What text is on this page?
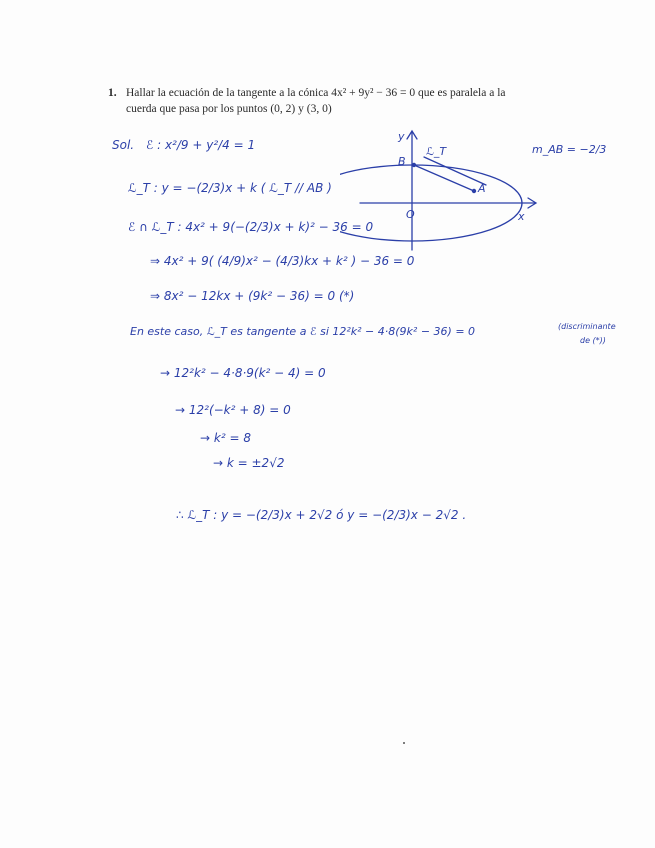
1. Hallar la ecuación de la tangente a la cónica 4x² + 9y² − 36 = 0 que es paralela a la
cuerda que pasa por los puntos (0, 2) y (3, 0)
Sol. ℰ : x²/9 + y²/4 = 1	m_AB = −2/3
ℒ_T : y = −(2/3)x + k ( ℒ_T // AB )
ℰ ∩ ℒ_T : 4x² + 9(−(2/3)x + k)² − 36 = 0
⇒ 4x² + 9( (4/9)x² − (4/3)kx + k² ) − 36 = 0
⇒ 8x² − 12kx + (9k² − 36) = 0 (*)
En este caso, ℒ_T es tangente a ℰ si 12²k² − 4·8(9k² − 36) = 0	(discriminante
de (*))
→ 12²k² − 4·8·9(k² − 4) = 0
→ 12²(−k² + 8) = 0
→ k² = 8
→ k = ±2√2
∴ ℒ_T : y = −(2/3)x + 2√2 ó y = −(2/3)x − 2√2 .
B
A
O
y
x
ℒ_T
